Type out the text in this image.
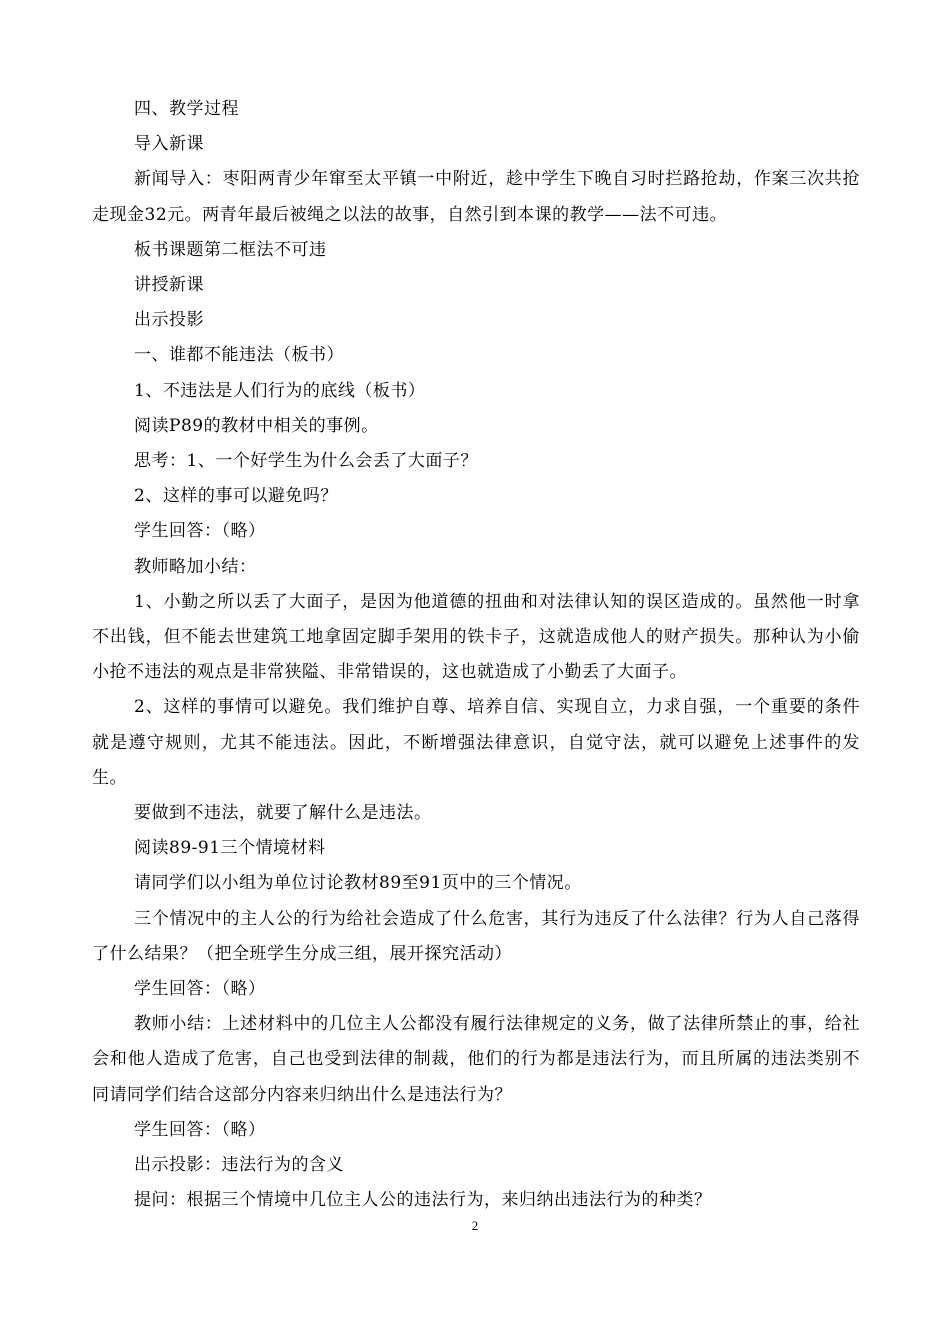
四、教学过程

导入新课

新闻导入：枣阳两青少年窜至太平镇一中附近，趁中学生下晚自习时拦路抢劫，作案三次共抢走现金32元。两青年最后被绳之以法的故事，自然引到本课的教学——法不可违。

板书课题第二框法不可违

讲授新课

出示投影

一、谁都不能违法（板书）

1、不违法是人们行为的底线（板书）

阅读P89的教材中相关的事例。

思考：1、一个好学生为什么会丢了大面子？

2、这样的事可以避免吗？

学生回答：（略）

教师略加小结：

1、小勤之所以丢了大面子，是因为他道德的扭曲和对法律认知的误区造成的。虽然他一时拿不出钱，但不能去世建筑工地拿固定脚手架用的铁卡子，这就造成他人的财产损失。那种认为小偷小抢不违法的观点是非常狭隘、非常错误的，这也就造成了小勤丢了大面子。

2、这样的事情可以避免。我们维护自尊、培养自信、实现自立，力求自强，一个重要的条件就是遵守规则，尤其不能违法。因此，不断增强法律意识，自觉守法，就可以避免上述事件的发生。

要做到不违法，就要了解什么是违法。

阅读89-91三个情境材料

请同学们以小组为单位讨论教材89至91页中的三个情况。

三个情况中的主人公的行为给社会造成了什么危害，其行为违反了什么法律？行为人自己落得了什么结果？（把全班学生分成三组，展开探究活动）

学生回答：（略）

教师小结：上述材料中的几位主人公都没有履行法律规定的义务，做了法律所禁止的事，给社会和他人造成了危害，自己也受到法律的制裁，他们的行为都是违法行为，而且所属的违法类别不同请同学们结合这部分内容来归纳出什么是违法行为？

学生回答：（略）

出示投影：违法行为的含义

提问：根据三个情境中几位主人公的违法行为，来归纳出违法行为的种类？

2
